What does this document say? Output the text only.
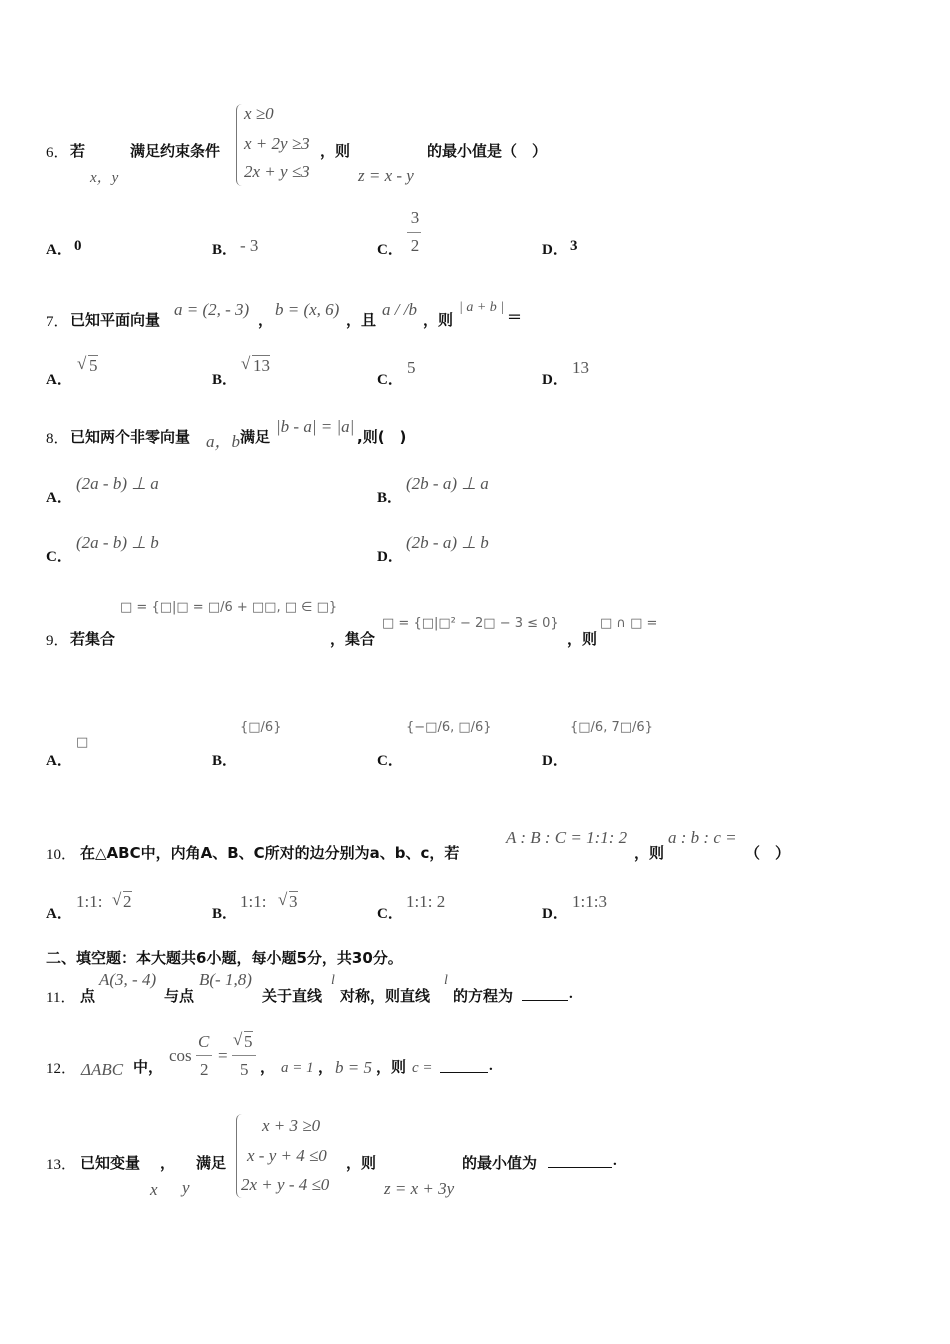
6． 若
x，y
满足约束条件
x ≥0
x + 2y ≥3
2x + y ≤3
，则
z = x - y
的最小值是（　）
A． 0	B． - 3	C．
3
2	D． 3
7． 已知平面向量
a = (2, - 3)
，
b = (x, 6)
，且
a / /b
，则
| a + b |
＝
A．
√ 5
B．
√ 13
C．
5
D．
13
8． 已知两个非零向量 a，b 满足
|b - a| = |a|
,则(　)
A．
(2a - b) ⊥ a
B．
(2b - a) ⊥ a
C．
(2a - b) ⊥ b
D．
(2b - a) ⊥ b
9． 若集合
□ = {□|□ = □/6 + □□, □ ∈ □}
，集合
□ = {□|□² − 2□ − 3 ≤ 0}
，则
□ ∩ □ =
A．
□
B．
{□/6}
C．
{−□/6, □/6}
D．
{□/6, 7□/6}
10． 在△ABC中，内角A、B、C所对的边分别为a、b、c，若
A : B : C = 1:1: 2
，则
a : b : c =
（　）
A．
1:1: √ 2
B．
1:1: √ 3
C．
1:1: 2
D．
1:1:3
二、填空题：本大题共6小题，每小题5分，共30分。
11． 点
A(3, - 4)
与点
B(- 1,8)
关于直线
l
对称，则直线
l
的方程为	.
12． ΔABC 中，
cos
C
2
=
√ 5
5 ， a = 1 ， b = 5 ，则 c =	.
13． 已知变量
x
，
y
满足
x + 3 ≥0
x - y + 4 ≤0
2x + y - 4 ≤0
，则
z = x + 3y
的最小值为	.
